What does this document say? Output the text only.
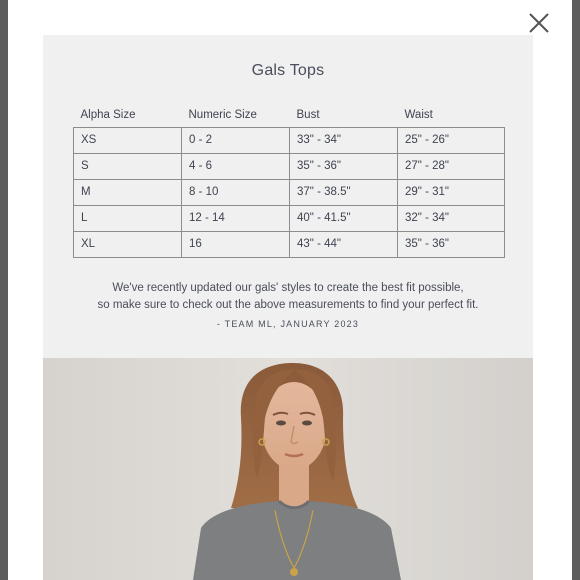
Gals Tops
Alpha Size	Numeric Size	Bust	Waist
XS	0 - 2	33" - 34"	25" - 26"
S	4 - 6	35" - 36"	27" - 28"
M	8 - 10	37" - 38.5"	29" - 31"
L	12 - 14	40" - 41.5"	32" - 34"
XL	16	43" - 44"	35" - 36"
We've recently updated our gals' styles to create the best fit possible,
so make sure to check out the above measurements to find your perfect fit.
- TEAM ML, JANUARY 2023
